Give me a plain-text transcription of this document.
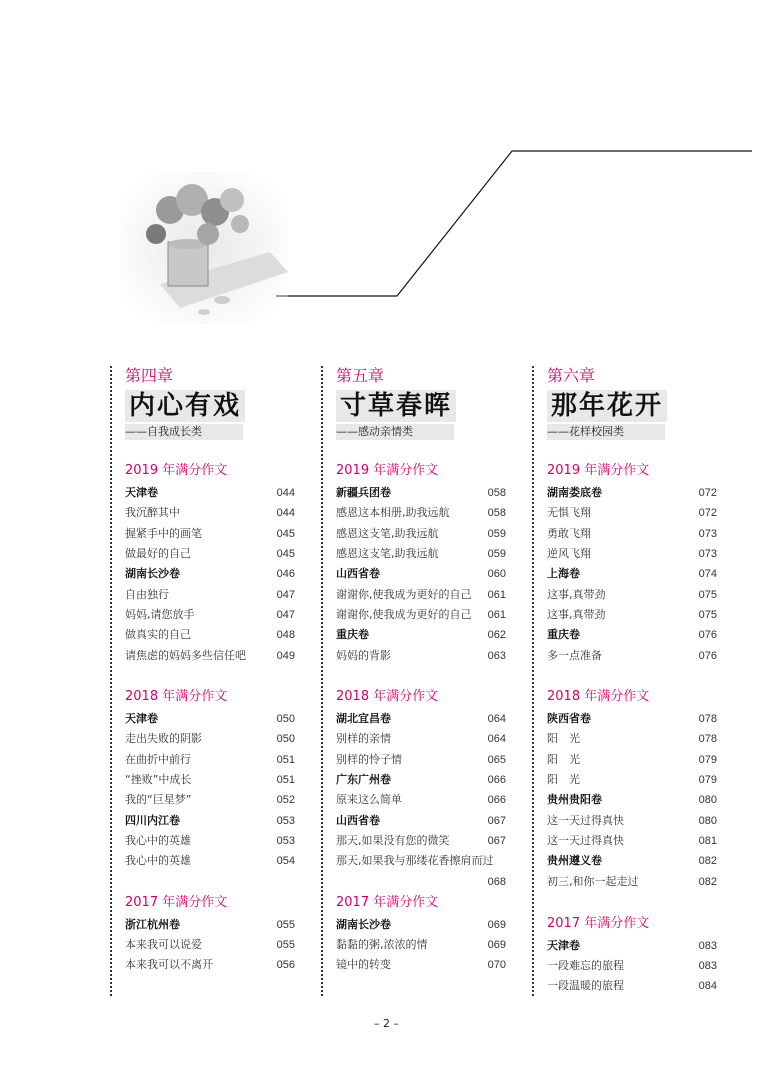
第四章
内心有戏
——自我成长类
2019 年满分作文
天津卷	044
我沉醉其中	044
握紧手中的画笔	045
做最好的自己	045
湖南长沙卷	046
自由独行	047
妈妈,请您放手	047
做真实的自己	048
请焦虑的妈妈多些信任吧	049
2018 年满分作文
天津卷	050
走出失败的阴影	050
在曲折中前行	051
“挫败”中成长	051
我的“巨星梦”	052
四川内江卷	053
我心中的英雄	053
我心中的英雄	054
2017 年满分作文
浙江杭州卷	055
本来我可以说爱	055
本来我可以不离开	056
第五章
寸草春晖
——感动亲情类
2019 年满分作文
新疆兵团卷	058
感恩这本相册,助我远航	058
感恩这支笔,助我远航	059
感恩这支笔,助我远航	059
山西省卷	060
谢谢你,使我成为更好的自己 061
谢谢你,使我成为更好的自己 061
重庆卷	062
妈妈的背影	063
2018 年满分作文
湖北宜昌卷	064
别样的亲情	064
别样的怜子情	065
广东广州卷	066
原来这么简单	066
山西省卷	067
那天,如果没有您的微笑	067
那天,如果我与那缕花香擦肩而过
068
2017 年满分作文
湖南长沙卷	069
黏黏的粥,浓浓的情	069
镜中的转变	070
第六章
那年花开
——花样校园类
2019 年满分作文
湖南娄底卷	072
无惧飞翔	072
勇敢飞翔	073
逆风飞翔	073
上海卷	074
这事,真带劲	075
这事,真带劲	075
重庆卷	076
多一点准备	076
2018 年满分作文
陕西省卷	078
阳　光	078
阳　光	079
阳　光	079
贵州贵阳卷	080
这一天过得真快	080
这一天过得真快	081
贵州遵义卷	082
初三,和你一起走过	082
2017 年满分作文
天津卷	083
一段难忘的旅程	083
一段温暖的旅程	084
– 2 –
